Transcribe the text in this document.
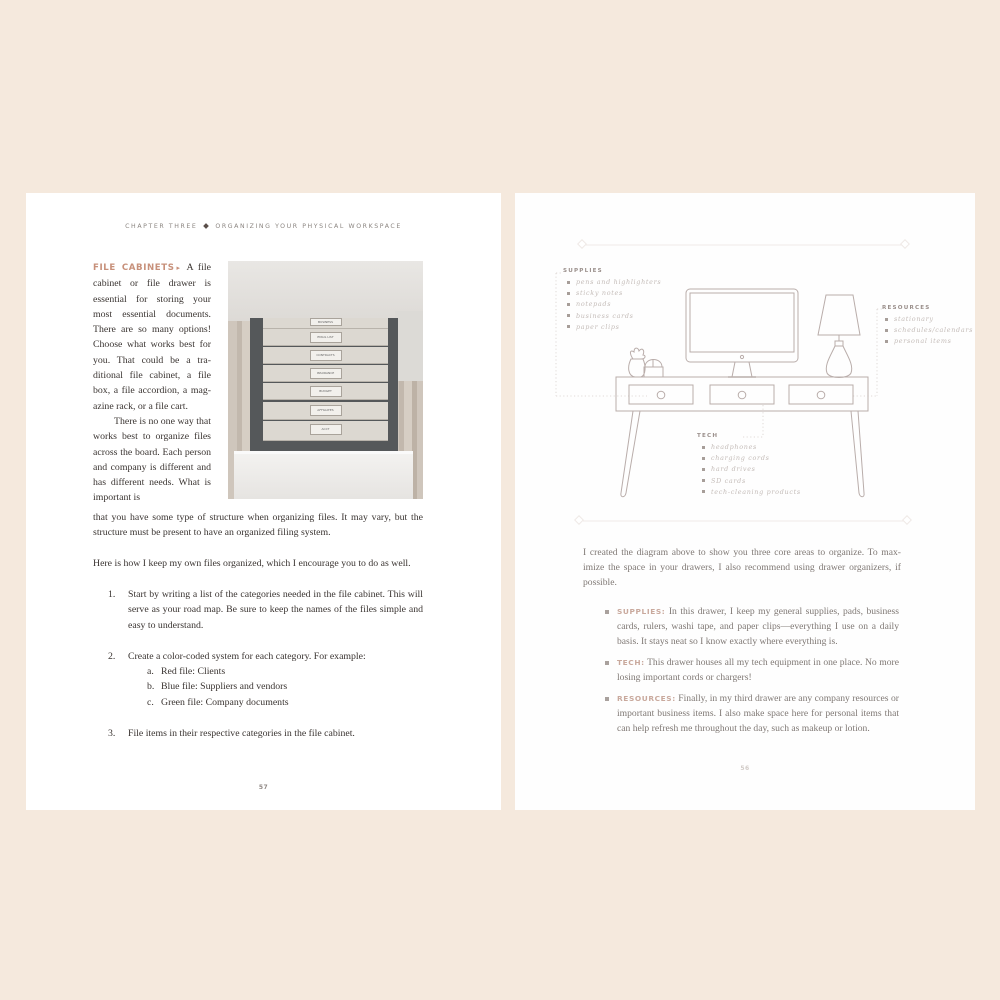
CHAPTER THREE	ORGANIZING YOUR PHYSICAL WORKSPACE
FILE CABINETS ▸ A file cabinet or file drawer is essential for storing your most essential documents. There are so many options! Choose what works best for you. That could be a traditional file cabinet, a file box, a file accordion, a magazine rack, or a file cart.
There is no one way that works best to organize files across the board. Each person and company is different and has different needs. What is important is
BUSINESS
EMAIL LIST
CONTRACTS
INSURANCE
BUDGET
AFFILIATES
ACCT
that you have some type of structure when organizing files. It may vary, but the structure must be present to have an organized filing system.
Here is how I keep my own files organized, which I encourage you to do as well.
1.	Start by writing a list of the categories needed in the file cabinet. This will serve as your road map. Be sure to keep the names of the files simple and easy to understand.
2.	Create a color-coded system for each category. For example:
a. Red file: Clients
b. Blue file: Suppliers and vendors
c. Green file: Company documents
3.	File items in their respective categories in the file cabinet.
57
SUPPLIES
pens and highlighters
sticky notes
notepads
business cards
paper clips
RESOURCES
stationary
schedules/calendars
personal items
TECH
headphones
charging cords
hard drives
SD cards
tech-cleaning products
I created the diagram above to show you three core areas to organize. To maximize the space in your drawers, I also recommend using drawer organizers, if possible.
SUPPLIES: In this drawer, I keep my general supplies, pads, business cards, rulers, washi tape, and paper clips—everything I use on a daily basis. It stays neat so I know exactly where everything is.
TECH: This drawer houses all my tech equipment in one place. No more losing important cords or chargers!
RESOURCES: Finally, in my third drawer are any company resources or important business items. I also make space here for personal items that can help refresh me throughout the day, such as makeup or lotion.
56
